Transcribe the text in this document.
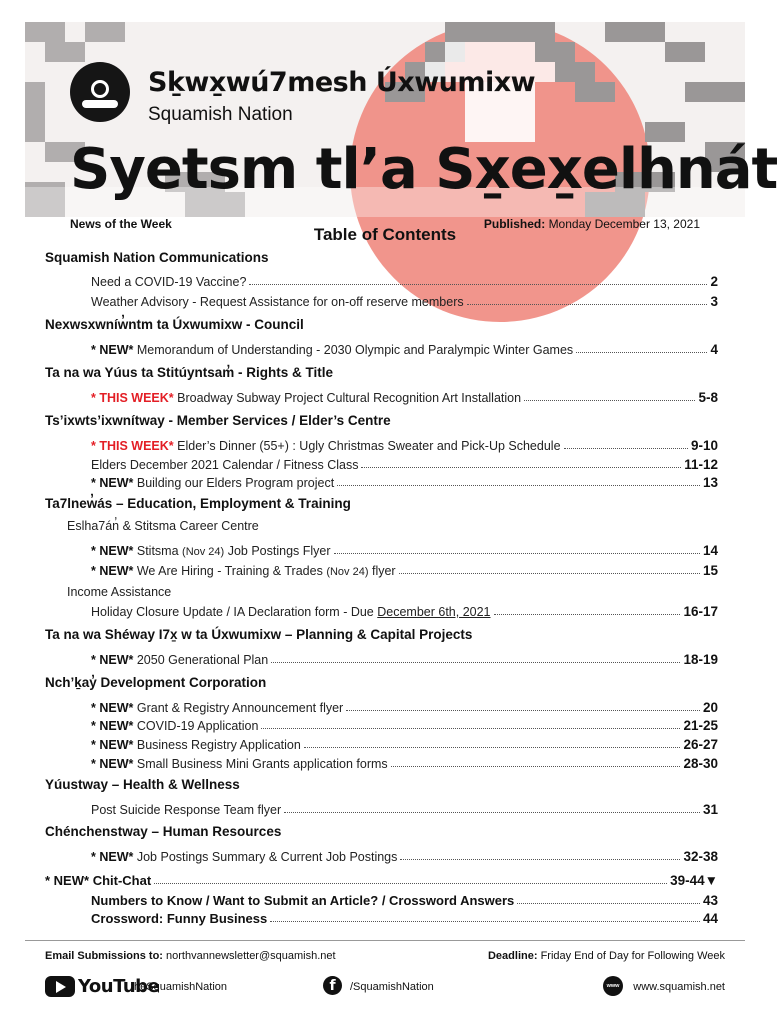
Sḵwx̱wú7mesh Úxwumixw
Squamish Nation
Syetsm tl’a Sx̱ex̱elhnát
News of the Week	Published: Monday December 13, 2021
Table of Contents
Squamish Nation Communications
Need a COVID-19 Vaccine?	2
Weather Advisory - Request Assistance for on-off reserve members	3
Nexwsxwníw̓ntm ta Úxwumixw - Council
* NEW* Memorandum of Understanding - 2030 Olympic and Paralympic Winter Games	4
Ta na wa Yúus ta Stitúyntsam̓ - Rights & Title
* THIS WEEK* Broadway Subway Project Cultural Recognition Art Installation	5-8
Ts’ixwts’ixwnítway - Member Services / Elder’s Centre
* THIS WEEK* Elder’s Dinner (55+) : Ugly Christmas Sweater and Pick-Up Schedule	9-10
Elders December 2021 Calendar / Fitness Class	11-12
* NEW* Building our Elders Program project	13
Ta7lnew̓ás – Education, Employment & Training
Eslha7án̓ & Stitsma Career Centre
* NEW* Stitsma (Nov 24) Job Postings Flyer	14
* NEW* We Are Hiring - Training & Trades (Nov 24) flyer	15
Income Assistance
Holiday Closure Update / IA Declaration form - Due December 6th, 2021	16-17
Ta na wa Shéway I7x̱ w ta Úxwumixw – Planning & Capital Projects
* NEW* 2050 Generational Plan	18-19
Nch’ḵay̓ Development Corporation
* NEW* Grant & Registry Announcement flyer	20
* NEW* COVID-19 Application	21-25
* NEW* Business Registry Application	26-27
* NEW* Small Business Mini Grants application forms	28-30
Yúustway – Health & Wellness
Post Suicide Response Team flyer	31
Chénchenstway – Human Resources
* NEW* Job Postings Summary & Current Job Postings	32-38
* NEW* Chit-Chat	39-44▼
Numbers to Know / Want to Submit an Article? / Crossword Answers	43
Crossword: Funny Business	44
Email Submissions to: northvannewsletter@squamish.net	Deadline: Friday End of Day for Following Week
YouTube
theSquamishNation	f	/SquamishNation	www	www.squamish.net
